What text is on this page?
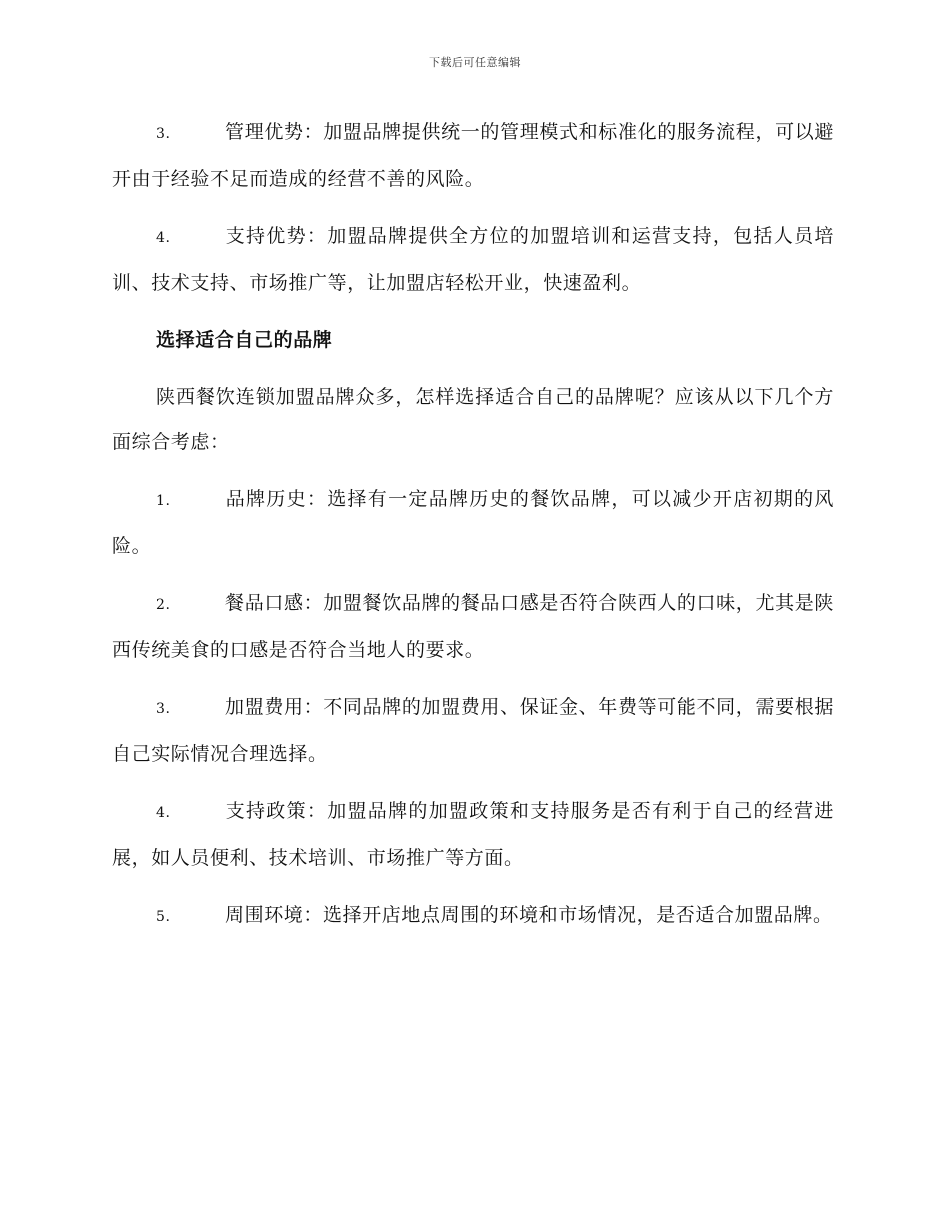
下载后可任意编辑

3.	管理优势：加盟品牌提供统一的管理模式和标准化的服务流程，可以避开由于经验不足而造成的经营不善的风险。

4.	支持优势：加盟品牌提供全方位的加盟培训和运营支持，包括人员培训、技术支持、市场推广等，让加盟店轻松开业，快速盈利。

选择适合自己的品牌

陕西餐饮连锁加盟品牌众多，怎样选择适合自己的品牌呢？应该从以下几个方面综合考虑：

1.	品牌历史：选择有一定品牌历史的餐饮品牌，可以减少开店初期的风险。

2.	餐品口感：加盟餐饮品牌的餐品口感是否符合陕西人的口味，尤其是陕西传统美食的口感是否符合当地人的要求。

3.	加盟费用：不同品牌的加盟费用、保证金、年费等可能不同，需要根据自己实际情况合理选择。

4.	支持政策：加盟品牌的加盟政策和支持服务是否有利于自己的经营进展，如人员便利、技术培训、市场推广等方面。

5.	周围环境：选择开店地点周围的环境和市场情况，是否适合加盟品牌。
